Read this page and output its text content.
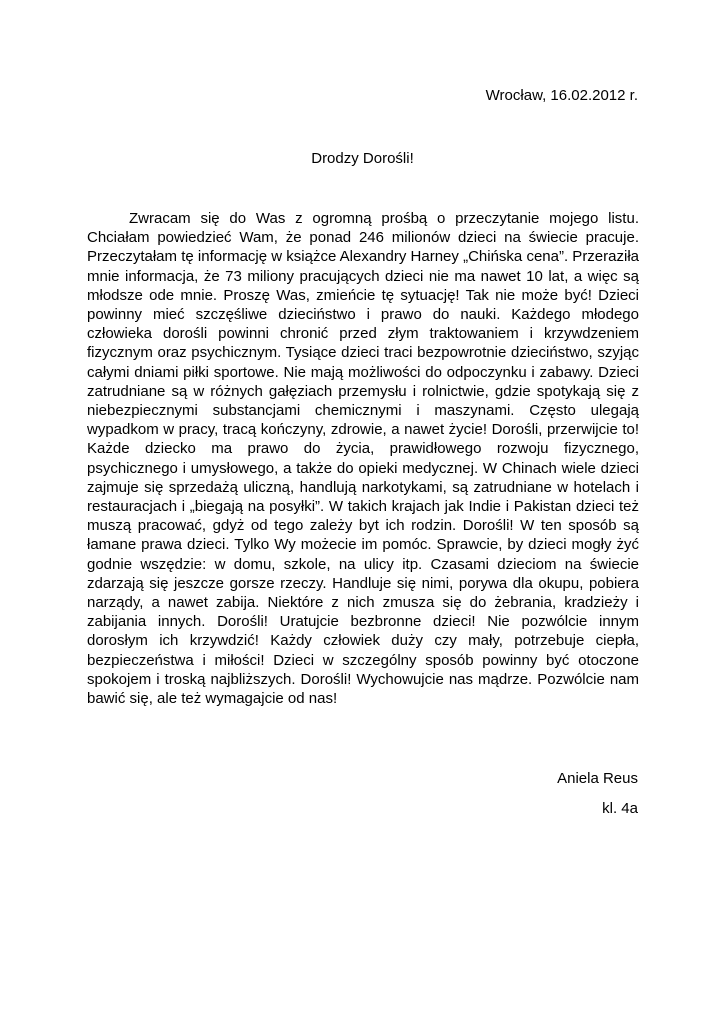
Wrocław, 16.02.2012 r.
Drodzy Dorośli!

Zwracam się do Was z ogromną prośbą o przeczytanie mojego listu. Chciałam powiedzieć Wam, że ponad 246 milionów dzieci na świecie pracuje. Przeczytałam tę informację w książce Alexandry Harney „Chińska cena”. Przeraziła mnie informacja, że 73 miliony pracujących dzieci nie ma nawet 10 lat, a więc są młodsze ode mnie. Proszę Was, zmieńcie tę sytuację! Tak nie może być! Dzieci powinny mieć szczęśliwe dzieciństwo i prawo do nauki. Każdego młodego człowieka dorośli powinni chronić przed złym traktowaniem i krzywdzeniem fizycznym oraz psychicznym. Tysiące dzieci traci bezpowrotnie dzieciństwo, szyjąc całymi dniami piłki sportowe. Nie mają możliwości do odpoczynku i zabawy. Dzieci zatrudniane są w różnych gałęziach przemysłu i rolnictwie, gdzie spotykają się z niebezpiecznymi substancjami chemicznymi i maszynami. Często ulegają wypadkom w pracy, tracą kończyny, zdrowie, a nawet życie! Dorośli, przerwijcie to! Każde dziecko ma prawo do życia, prawidłowego rozwoju fizycznego, psychicznego i umysłowego, a także do opieki medycznej. W Chinach wiele dzieci zajmuje się sprzedażą uliczną, handlują narkotykami, są zatrudniane w hotelach i restauracjach i „biegają na posyłki”. W takich krajach jak Indie i Pakistan dzieci też muszą pracować, gdyż od tego zależy byt ich rodzin. Dorośli! W ten sposób są łamane prawa dzieci. Tylko Wy możecie im pomóc. Sprawcie, by dzieci mogły żyć godnie wszędzie: w domu, szkole, na ulicy itp. Czasami dzieciom na świecie zdarzają się jeszcze gorsze rzeczy. Handluje się nimi, porywa dla okupu, pobiera narządy, a nawet zabija. Niektóre z nich zmusza się do żebrania, kradzieży i zabijania innych. Dorośli! Uratujcie bezbronne dzieci! Nie pozwólcie innym dorosłym ich krzywdzić! Każdy człowiek duży czy mały, potrzebuje ciepła, bezpieczeństwa i miłości! Dzieci w szczególny sposób powinny być otoczone spokojem i troską najbliższych. Dorośli! Wychowujcie nas mądrze. Pozwólcie nam bawić się, ale też wymagajcie od nas!

Aniela Reus
kl. 4a
